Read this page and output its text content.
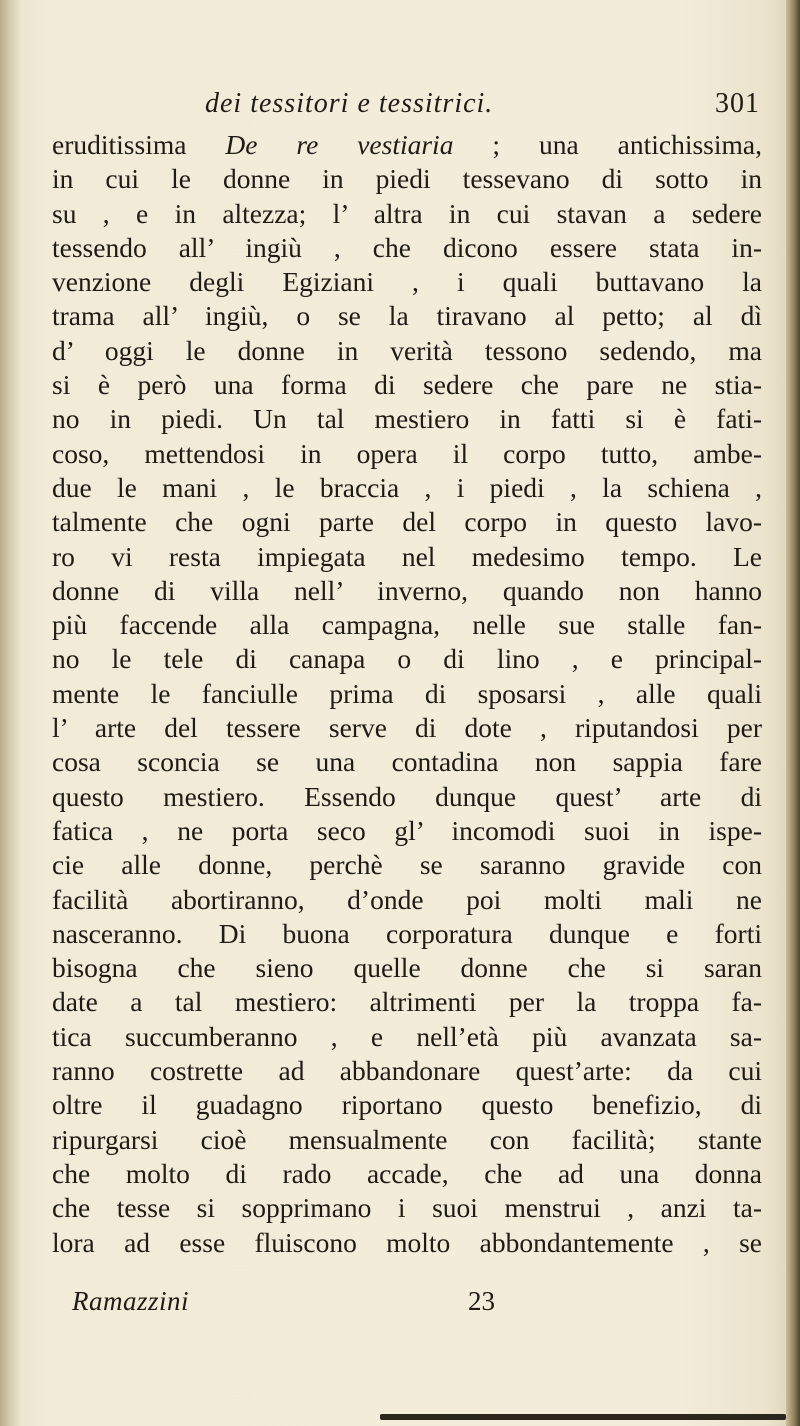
dei tessitori e tessitrici.	301
eruditissima De re vestiaria ; una antichissima,
in cui le donne in piedi tessevano di sotto in
su , e in altezza; l’ altra in cui stavan a sedere
tessendo all’ ingiù , che dicono essere stata in-
venzione degli Egiziani , i quali buttavano la
trama all’ ingiù, o se la tiravano al petto; al dì
d’ oggi le donne in verità tessono sedendo, ma
si è però una forma di sedere che pare ne stia-
no in piedi. Un tal mestiero in fatti si è fati-
coso, mettendosi in opera il corpo tutto, ambe-
due le mani , le braccia , i piedi , la schiena ,
talmente che ogni parte del corpo in questo lavo-
ro vi resta impiegata nel medesimo tempo. Le
donne di villa nell’ inverno, quando non hanno
più faccende alla campagna, nelle sue stalle fan-
no le tele di canapa o di lino , e principal-
mente le fanciulle prima di sposarsi , alle quali
l’ arte del tessere serve di dote , riputandosi per
cosa sconcia se una contadina non sappia fare
questo mestiero. Essendo dunque quest’ arte di
fatica , ne porta seco gl’ incomodi suoi in ispe-
cie alle donne, perchè se saranno gravide con
facilità abortiranno, d’onde poi molti mali ne
nasceranno. Di buona corporatura dunque e forti
bisogna che sieno quelle donne che si saran
date a tal mestiero: altrimenti per la troppa fa-
tica succumberanno , e nell’età più avanzata sa-
ranno costrette ad abbandonare quest’arte: da cui
oltre il guadagno riportano questo benefizio, di
ripurgarsi cioè mensualmente con facilità; stante
che molto di rado accade, che ad una donna
che tesse si sopprimano i suoi menstrui , anzi ta-
lora ad esse fluiscono molto abbondantemente , se
Ramazzini	23
